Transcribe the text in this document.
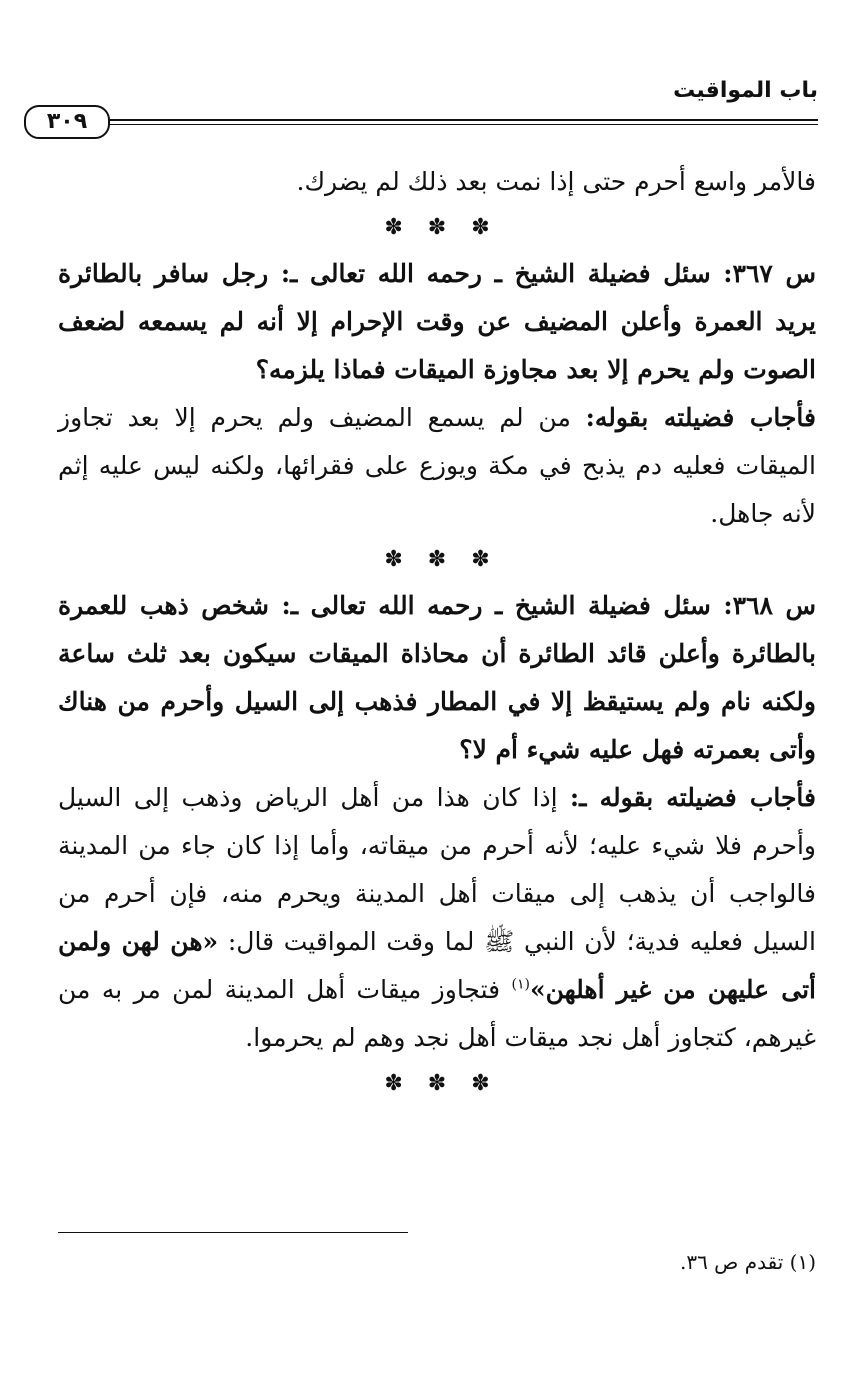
باب المواقيت
٣٠٩

فالأمر واسع أحرم حتى إذا نمت بعد ذلك لم يضرك.

✽ ✽ ✽

س ٣٦٧: سئل فضيلة الشيخ ـ رحمه الله تعالى ـ: رجل سافر بالطائرة يريد العمرة وأعلن المضيف عن وقت الإحرام إلا أنه لم يسمعه لضعف الصوت ولم يحرم إلا بعد مجاوزة الميقات فماذا يلزمه؟

فأجاب فضيلته بقوله: من لم يسمع المضيف ولم يحرم إلا بعد تجاوز الميقات فعليه دم يذبح في مكة ويوزع على فقرائها، ولكنه ليس عليه إثم لأنه جاهل.

✽ ✽ ✽

س ٣٦٨: سئل فضيلة الشيخ ـ رحمه الله تعالى ـ: شخص ذهب للعمرة بالطائرة وأعلن قائد الطائرة أن محاذاة الميقات سيكون بعد ثلث ساعة ولكنه نام ولم يستيقظ إلا في المطار فذهب إلى السيل وأحرم من هناك وأتى بعمرته فهل عليه شيء أم لا؟

فأجاب فضيلته بقوله ـ: إذا كان هذا من أهل الرياض وذهب إلى السيل وأحرم فلا شيء عليه؛ لأنه أحرم من ميقاته، وأما إذا كان جاء من المدينة فالواجب أن يذهب إلى ميقات أهل المدينة ويحرم منه، فإن أحرم من السيل فعليه فدية؛ لأن النبي ﷺ لما وقت المواقيت قال: «هن لهن ولمن أتى عليهن من غير أهلهن»$^{(١)}$ فتجاوز ميقات أهل المدينة لمن مر به من غيرهم، كتجاوز أهل نجد ميقات أهل نجد وهم لم يحرموا.

✽ ✽ ✽

(١) تقدم ص ٣٦.
